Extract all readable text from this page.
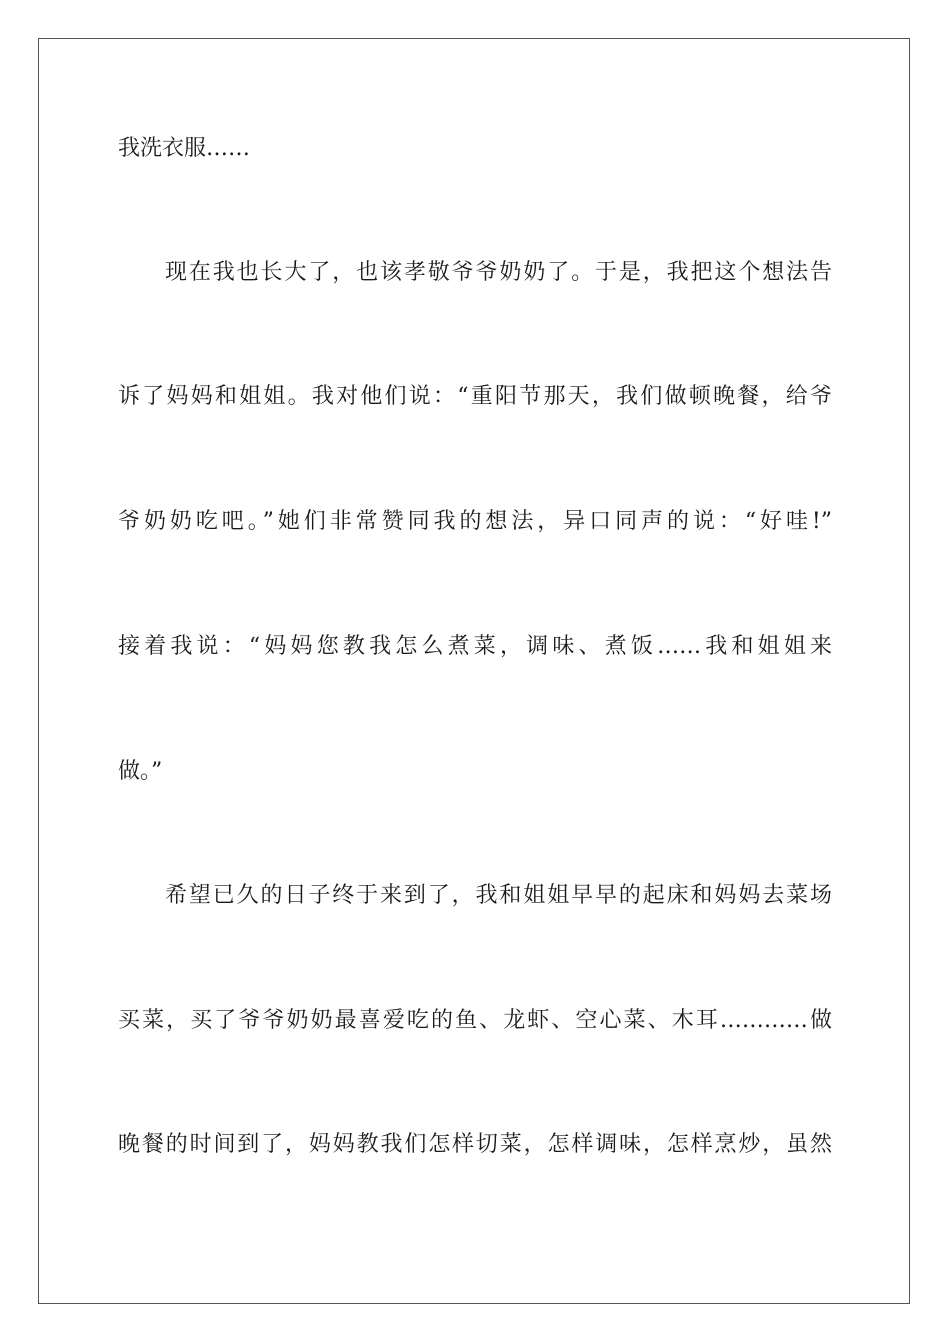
我洗衣服……
现在我也长大了，也该孝敬爷爷奶奶了。于是，我把这个想法告
诉了妈妈和姐姐。我对他们说：“重阳节那天，我们做顿晚餐，给爷
爷奶奶吃吧。”她们非常赞同我的想法，异口同声的说：“好哇!”
接着我说：“妈妈您教我怎么煮菜，调味、煮饭……我和姐姐来
做。”
希望已久的日子终于来到了，我和姐姐早早的起床和妈妈去菜场
买菜，买了爷爷奶奶最喜爱吃的鱼、龙虾、空心菜、木耳…………做
晚餐的时间到了，妈妈教我们怎样切菜，怎样调味，怎样烹炒，虽然
